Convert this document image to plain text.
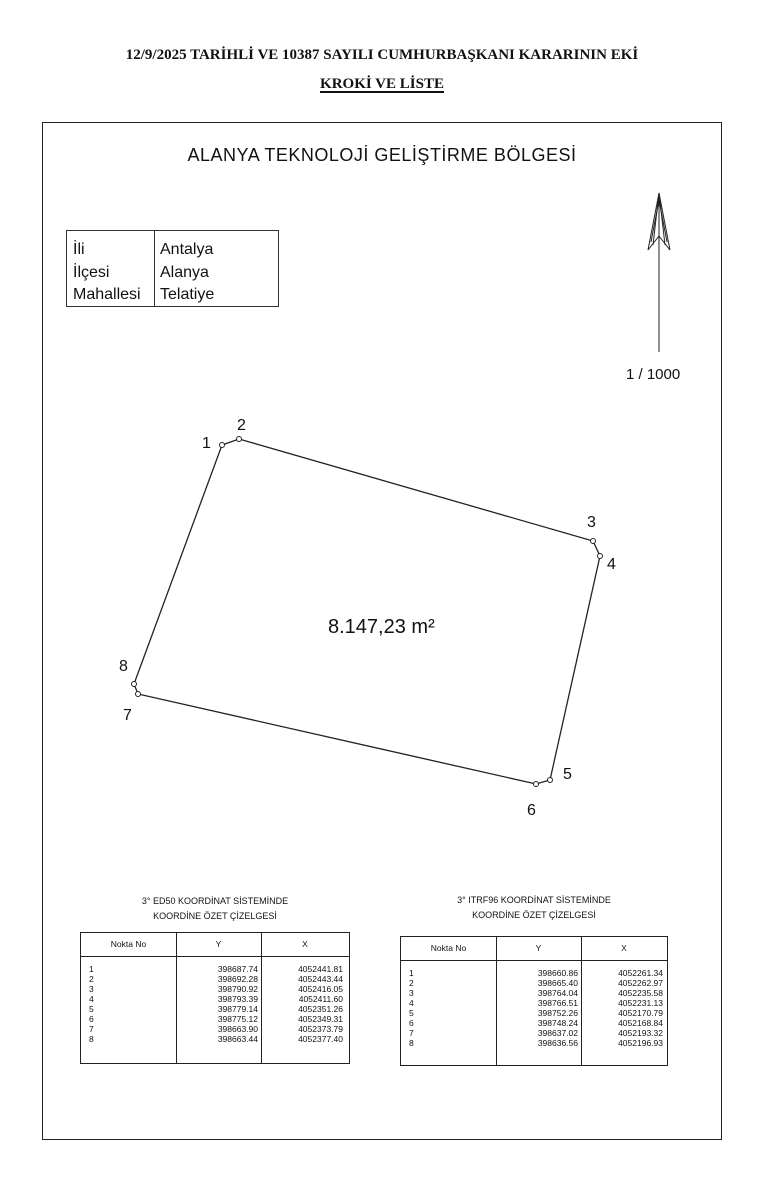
12/9/2025 TARİHLİ VE 10387 SAYILI CUMHURBAŞKANI KARARININ EKİ
KROKİ VE LİSTE
ALANYA TEKNOLOJİ GELİŞTİRME BÖLGESİ
İli	Antalya
İlçesi	Alanya
Mahallesi Telatiye
1 / 1000
1
2
3
4
5
6
7
8
8.147,23 m²
3° ED50 KOORDİNAT SİSTEMİNDE
KOORDİNE ÖZET ÇİZELGESİ
Nokta No	Y	X
1	398687.74	4052441.81
2	398692.28	4052443.44
3	398790.92	4052416.05
4	398793.39	4052411.60
5	398779.14	4052351.26
6	398775.12	4052349.31
7	398663.90	4052373.79
8	398663.44	4052377.40
3° ITRF96 KOORDİNAT SİSTEMİNDE
KOORDİNE ÖZET ÇİZELGESİ
Nokta No	Y	X
1	398660.86	4052261.34
2	398665.40	4052262.97
3	398764.04	4052235.58
4	398766.51	4052231.13
5	398752.26	4052170.79
6	398748.24	4052168.84
7	398637.02	4052193.32
8	398636.56	4052196.93
